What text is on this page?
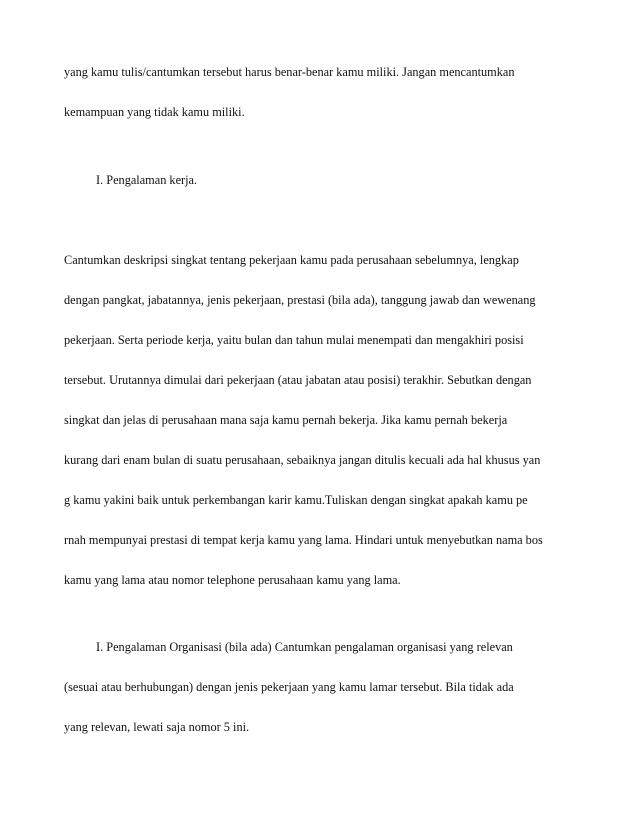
yang kamu tulis/cantumkan tersebut harus benar-benar kamu miliki. Jangan mencantumkan
kemampuan yang tidak kamu miliki.
I. Pengalaman kerja.
Cantumkan deskripsi singkat tentang pekerjaan kamu pada perusahaan sebelumnya, lengkap
dengan pangkat, jabatannya, jenis pekerjaan, prestasi (bila ada), tanggung jawab dan wewenang
pekerjaan. Serta periode kerja, yaitu bulan dan tahun mulai menempati dan mengakhiri posisi
tersebut. Urutannya dimulai dari pekerjaan (atau jabatan atau posisi) terakhir. Sebutkan dengan
singkat dan jelas di perusahaan mana saja kamu pernah bekerja. Jika kamu pernah bekerja
kurang dari enam bulan di suatu perusahaan, sebaiknya jangan ditulis kecuali ada hal khusus yan
g kamu yakini baik untuk perkembangan karir kamu.Tuliskan dengan singkat apakah kamu pe
rnah mempunyai prestasi di tempat kerja kamu yang lama. Hindari untuk menyebutkan nama bos
kamu yang lama atau nomor telephone perusahaan kamu yang lama.
I. Pengalaman Organisasi (bila ada) Cantumkan pengalaman organisasi yang relevan
(sesuai atau berhubungan) dengan jenis pekerjaan yang kamu lamar tersebut. Bila tidak ada
yang relevan, lewati saja nomor 5 ini.
